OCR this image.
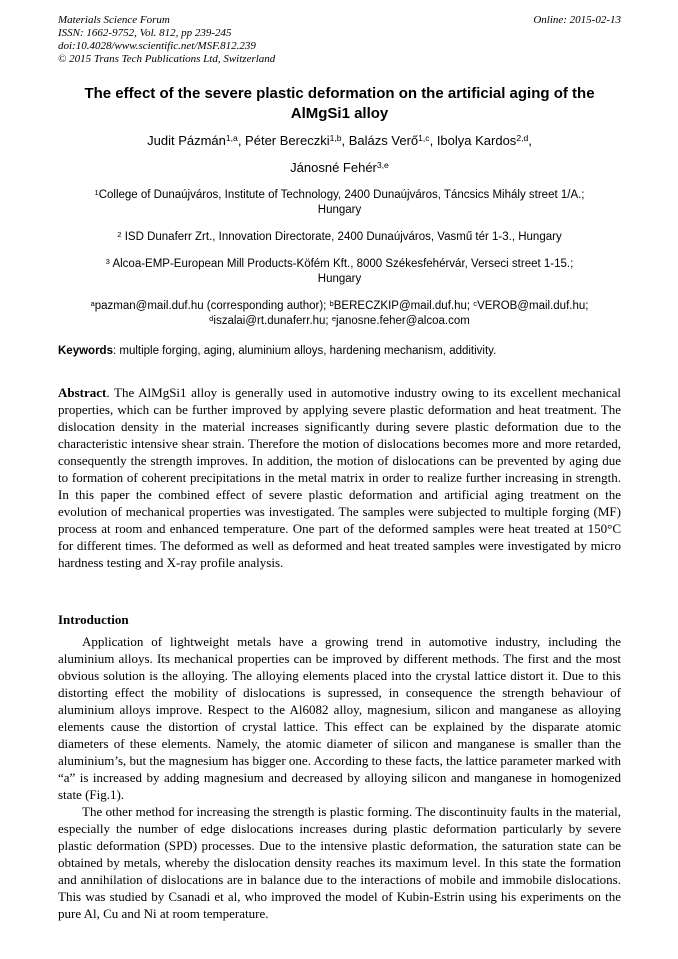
Materials Science Forum
ISSN: 1662-9752, Vol. 812, pp 239-245
doi:10.4028/www.scientific.net/MSF.812.239
© 2015 Trans Tech Publications Ltd, Switzerland
Online: 2015-02-13
The effect of the severe plastic deformation on the artificial aging of the AlMgSi1 alloy
Judit Pázmán$^{1,a}$, Péter Bereczki$^{1,b}$, Balázs Verő$^{1,c}$, Ibolya Kardos$^{2,d}$,
Jánosné Fehér$^{3,e}$
$^1$College of Dunaújváros, Institute of Technology, 2400 Dunaújváros, Táncsics Mihály street 1/A.;
Hungary
$^2$ ISD Dunaferr Zrt., Innovation Directorate, 2400 Dunaújváros, Vasmű tér 1-3., Hungary
$^3$ Alcoa-EMP-European Mill Products-Köfém Kft., 8000 Székesfehérvár, Verseci street 1-15.;
Hungary
$^a$pazman@mail.duf.hu (corresponding author); $^b$BERECZKIP@mail.duf.hu; $^c$VEROB@mail.duf.hu;
$^d$iszalai@rt.dunaferr.hu; $^e$janosne.feher@alcoa.com
Keywords: multiple forging, aging, aluminium alloys, hardening mechanism, additivity.

Abstract. The AlMgSi1 alloy is generally used in automotive industry owing to its excellent mechanical properties, which can be further improved by applying severe plastic deformation and heat treatment. The dislocation density in the material increases significantly during severe plastic deformation due to the characteristic intensive shear strain. Therefore the motion of dislocations becomes more and more retarded, consequently the strength improves. In addition, the motion of dislocations can be prevented by aging due to formation of coherent precipitations in the metal matrix in order to realize further increasing in strength. In this paper the combined effect of severe plastic deformation and artificial aging treatment on the evolution of mechanical properties was investigated. The samples were subjected to multiple forging (MF) process at room and enhanced temperature. One part of the deformed samples were heat treated at 150°C for different times. The deformed as well as deformed and heat treated samples were investigated by micro hardness testing and X-ray profile analysis.

Introduction

Application of lightweight metals have a growing trend in automotive industry, including the aluminium alloys. Its mechanical properties can be improved by different methods. The first and the most obvious solution is the alloying. The alloying elements placed into the crystal lattice distort it. Due to this distorting effect the mobility of dislocations is supressed, in consequence the strength behaviour of aluminium alloys improve. Respect to the Al6082 alloy, magnesium, silicon and manganese as alloying elements cause the distortion of crystal lattice. This effect can be explained by the disparate atomic diameters of these elements. Namely, the atomic diameter of silicon and manganese is smaller than the aluminium’s, but the magnesium has bigger one. According to these facts, the lattice parameter marked with “a” is increased by adding magnesium and decreased by alloying silicon and manganese in homogenized state (Fig.1).

The other method for increasing the strength is plastic forming. The discontinuity faults in the material, especially the number of edge dislocations increases during plastic deformation particularly by severe plastic deformation (SPD) processes. Due to the intensive plastic deformation, the saturation state can be obtained by metals, whereby the dislocation density reaches its maximum level. In this state the formation and annihilation of dislocations are in balance due to the interactions of mobile and immobile dislocations. This was studied by Csanadi et al, who improved the model of Kubin-Estrin using his experiments on the pure Al, Cu and Ni at room temperature.
